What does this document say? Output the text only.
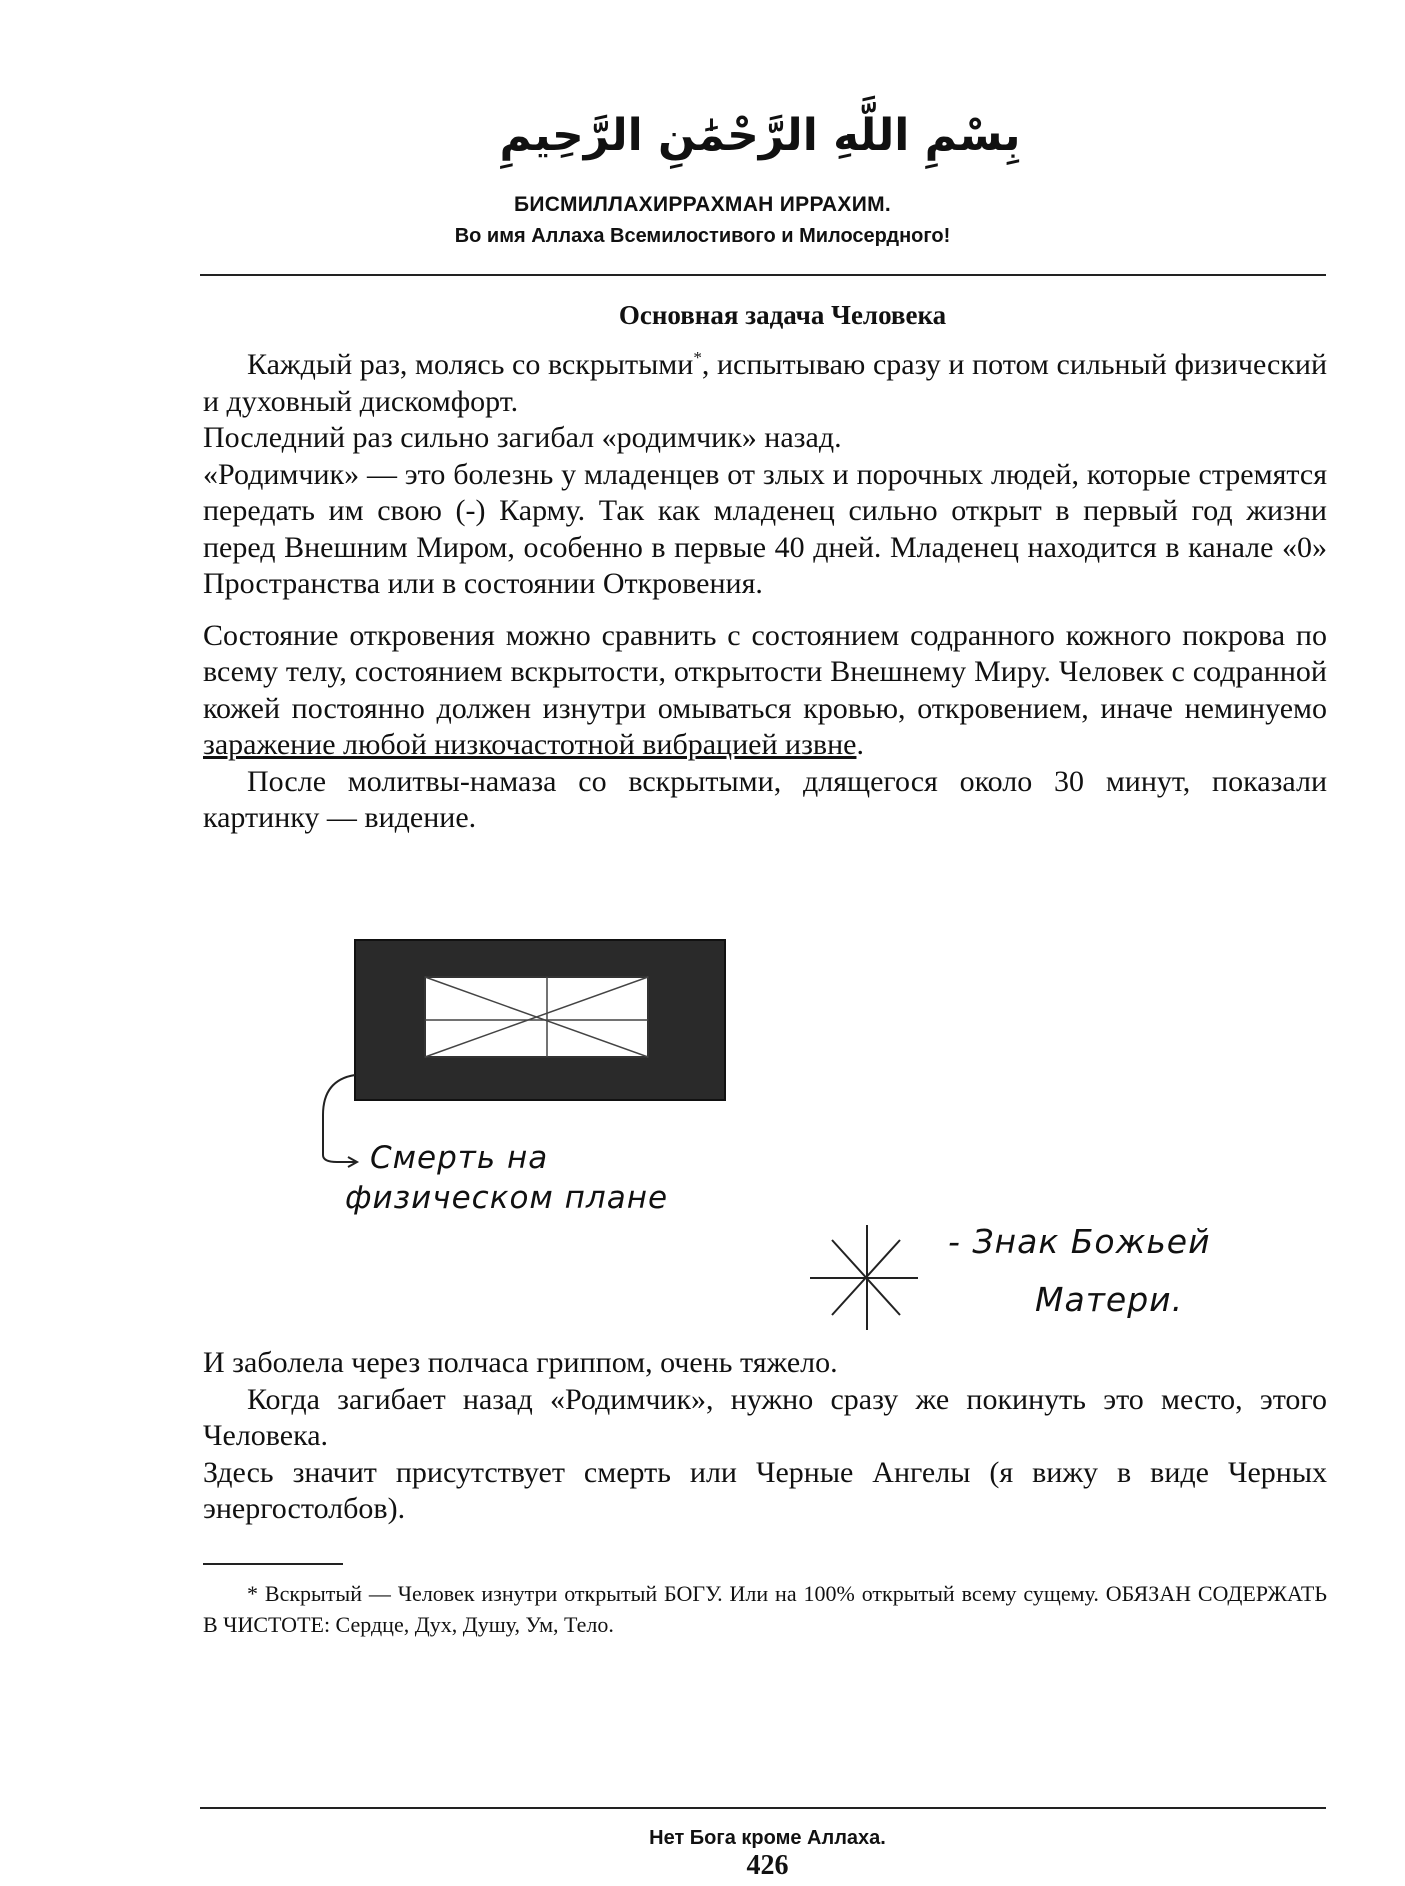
بِسْمِ اللَّهِ الرَّحْمَٰنِ الرَّحِيمِ
БИСМИЛЛАХИРРАХМАН ИРРАХИМ.
Во имя Аллаха Всемилостивого и Милосердного!
Основная задача Человека

Каждый раз, молясь со вскрытыми*, испытываю сразу и потом сильный физический и духовный дискомфорт.

Последний раз сильно загибал «родимчик» назад.

«Родимчик» — это болезнь у младенцев от злых и порочных людей, которые стремятся передать им свою (-) Карму. Так как младенец сильно открыт в первый год жизни перед Внешним Миром, особенно в первые 40 дней. Младенец находится в канале «0» Пространства или в состоянии Откровения.

Состояние откровения можно сравнить с состоянием содранного кожного покрова по всему телу, состоянием вскрытости, открытости Внешнему Миру. Человек с содранной кожей постоянно должен изнутри омываться кровью, откровением, иначе неминуемо заражение любой низкочастотной вибрацией извне.

После молитвы-намаза со вскрытыми, длящегося около 30 минут, показали картинку — видение.

Смерть на
физическом плане
- Знак Божьей
Матери.

И заболела через полчаса гриппом, очень тяжело.

Когда загибает назад «Родимчик», нужно сразу же покинуть это место, этого Человека.

Здесь значит присутствует смерть или Черные Ангелы (я вижу в виде Черных энергостолбов).

* Вскрытый — Человек изнутри открытый БОГУ. Или на 100% открытый всему сущему. ОБЯЗАН СОДЕРЖАТЬ В ЧИСТОТЕ: Сердце, Дух, Душу, Ум, Тело.
Нет Бога кроме Аллаха.
426
